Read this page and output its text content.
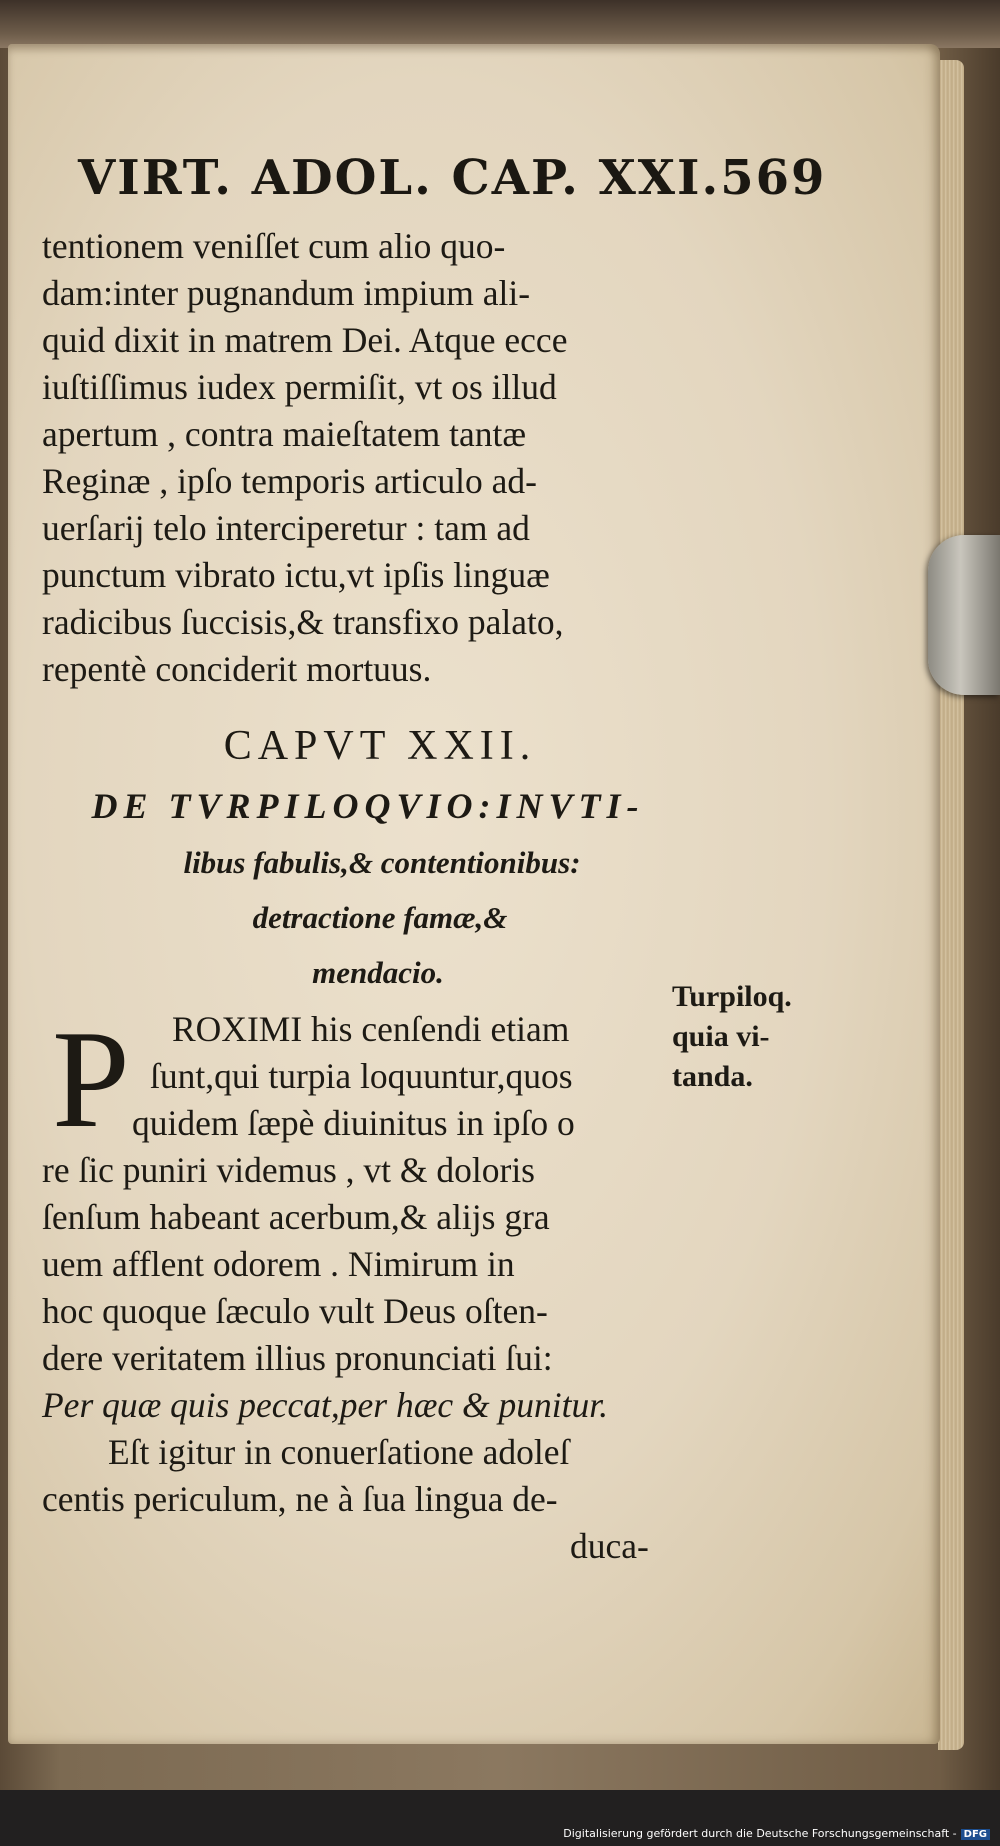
VIRT. ADOL. CAP. XXI.569
tentionem veniſſet cum alio quo-
dam:inter pugnandum impium ali-
quid dixit in matrem Dei. Atque ecce
iuſtiſſimus iudex permiſit, vt os illud
apertum , contra maieſtatem tantæ
Reginæ , ipſo temporis articulo ad-
uerſarij telo interciperetur : tam ad
punctum vibrato ictu,vt ipſis linguæ
radicibus ſuccisis,& transfixo palato,
repentè conciderit mortuus.
CAPVT XXII.
DE TVRPILOQVIO:INVTI-
libus fabulis,& contentionibus:
detractione famæ,&
mendacio.
P ROXIMI his cenſendi etiam
ſunt,qui turpia loquuntur,quos
quidem ſæpè diuinitus in ipſo o
re ſic puniri videmus , vt & doloris
ſenſum habeant acerbum,& alijs gra
uem afflent odorem . Nimirum in
hoc quoque ſæculo vult Deus oſten-
dere veritatem illius pronunciati ſui:
Per quæ quis peccat,per hæc & punitur.
Eſt igitur in conuerſatione adoleſ
centis periculum, ne à ſua lingua de-
duca-
Turpiloq.
quia vi-
tanda.
Digitalisierung gefördert durch die Deutsche Forschungsgemeinschaft - DFG
